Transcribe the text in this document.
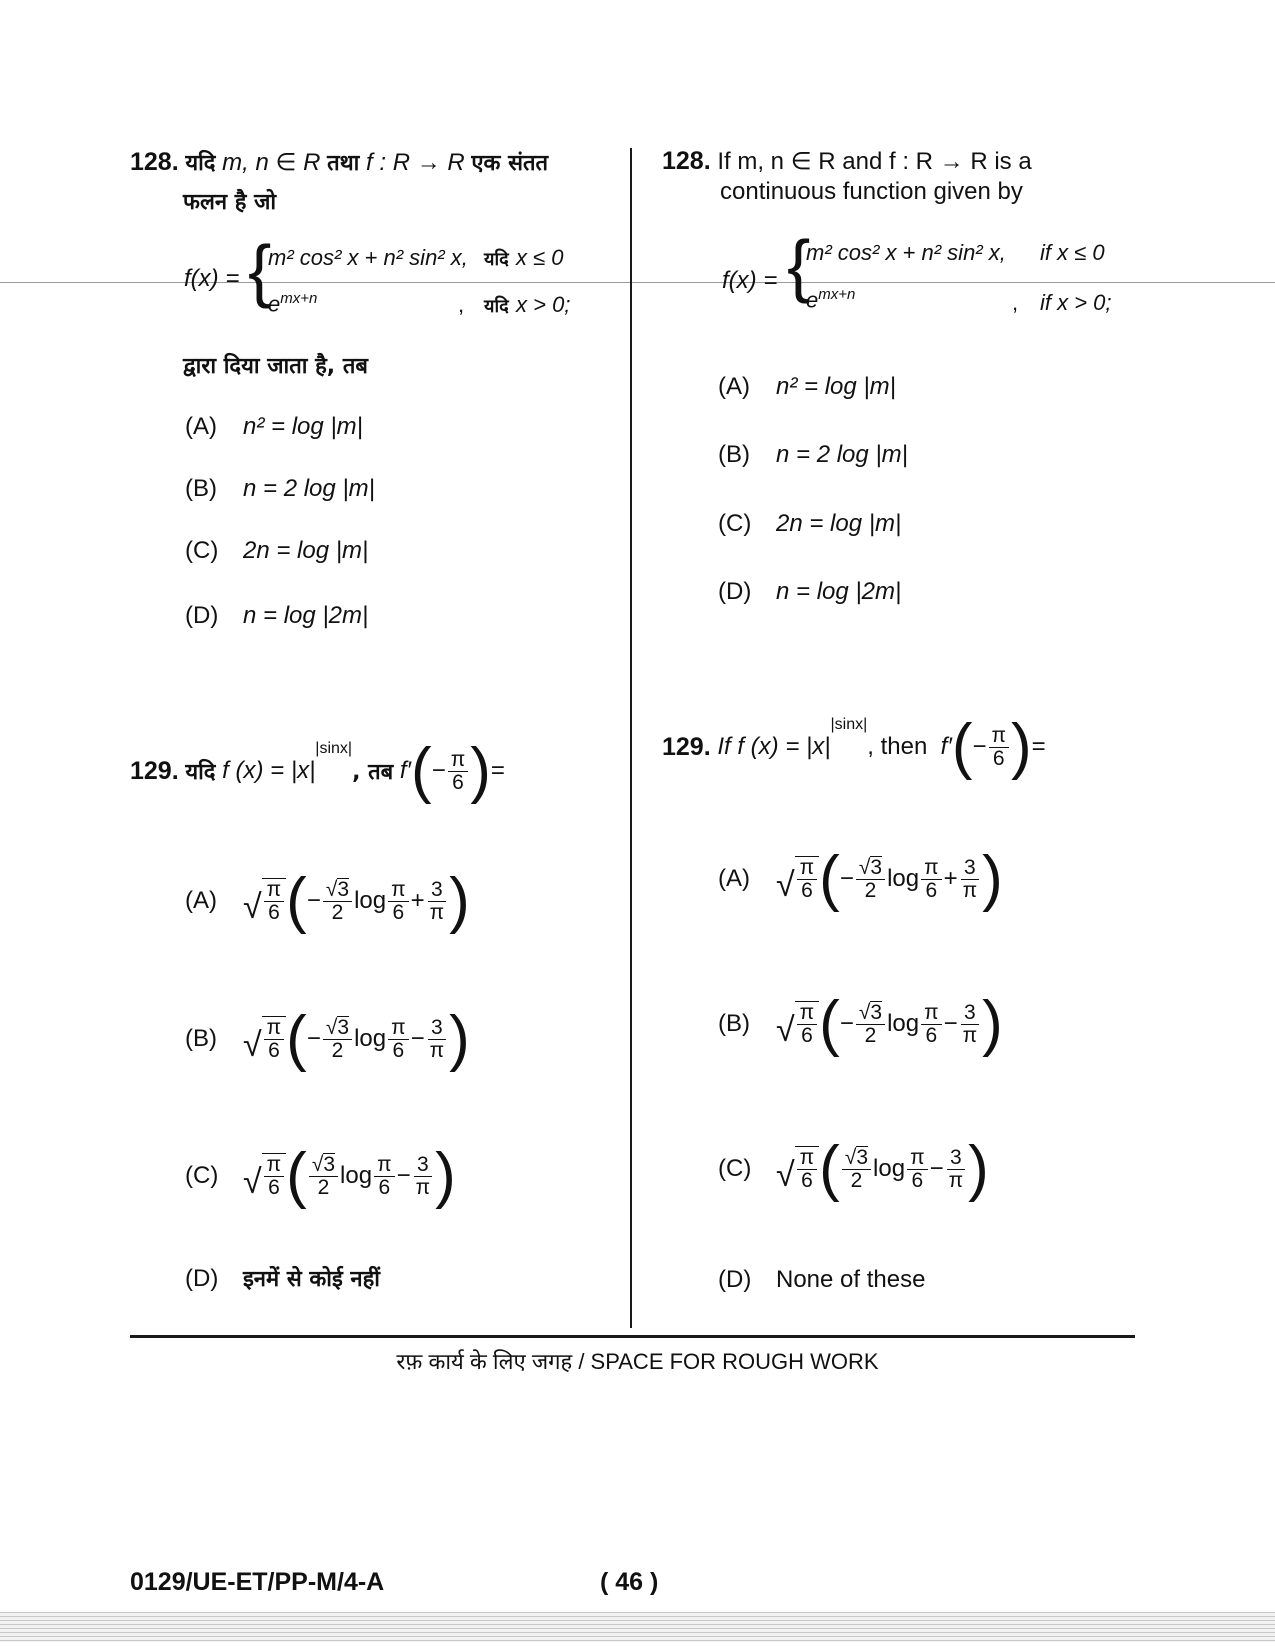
128. यदि m, n ∈ R तथा f : R → R एक संतत
फलन है जो
f(x) = {
m² cos² x + n² sin² x, यदि x ≤ 0
$e^{mx+n}$	, यदि x > 0;
द्वारा दिया जाता है, तब
(A) n² = log |m|
(B) n = 2 log |m|
(C) 2n = log |m|
(D) n = log |2m|
129.
यदि
f (x) = |x|
$^{|sinx|}$
, तब
f′ ( − $\frac{\pi}{6}$ ) =
(A) √ $\frac{\pi}{6}$ ( − $\frac{√3}{2}$ $\log \frac{\pi}{6} + \frac{3}{\pi}$ )
(B) √ $\frac{\pi}{6}$ ( − $\frac{√3}{2}$ $\log \frac{\pi}{6} - \frac{3}{\pi}$ )
(C) √ $\frac{\pi}{6}$ ( $\frac{√3}{2}$ $\log \frac{\pi}{6} - \frac{3}{\pi}$ )
(D) इनमें से कोई नहीं
128. If m, n ∈ R and f : R → R is a
continuous function given by
f(x) = {
m² cos² x + n² sin² x, if x ≤ 0
$e^{mx+n}$	, if x > 0;
(A) n² = log |m|
(B) n = 2 log |m|
(C) 2n = log |m|
(D) n = log |2m|
129.
If f (x) = |x|
$^{|sinx|}$
, then
f′ ( − $\frac{\pi}{6}$ ) =
(A) √ $\frac{\pi}{6}$ ( − $\frac{√3}{2}$ $\log \frac{\pi}{6} + \frac{3}{\pi}$ )
(B) √ $\frac{\pi}{6}$ ( − $\frac{√3}{2}$ $\log \frac{\pi}{6} - \frac{3}{\pi}$ )
(C) √ $\frac{\pi}{6}$ ( $\frac{√3}{2}$ $\log \frac{\pi}{6} - \frac{3}{\pi}$ )
(D) None of these
रफ़ कार्य के लिए जगह / SPACE FOR ROUGH WORK
0129/UE-ET/PP-M/4-A	( 46 )
